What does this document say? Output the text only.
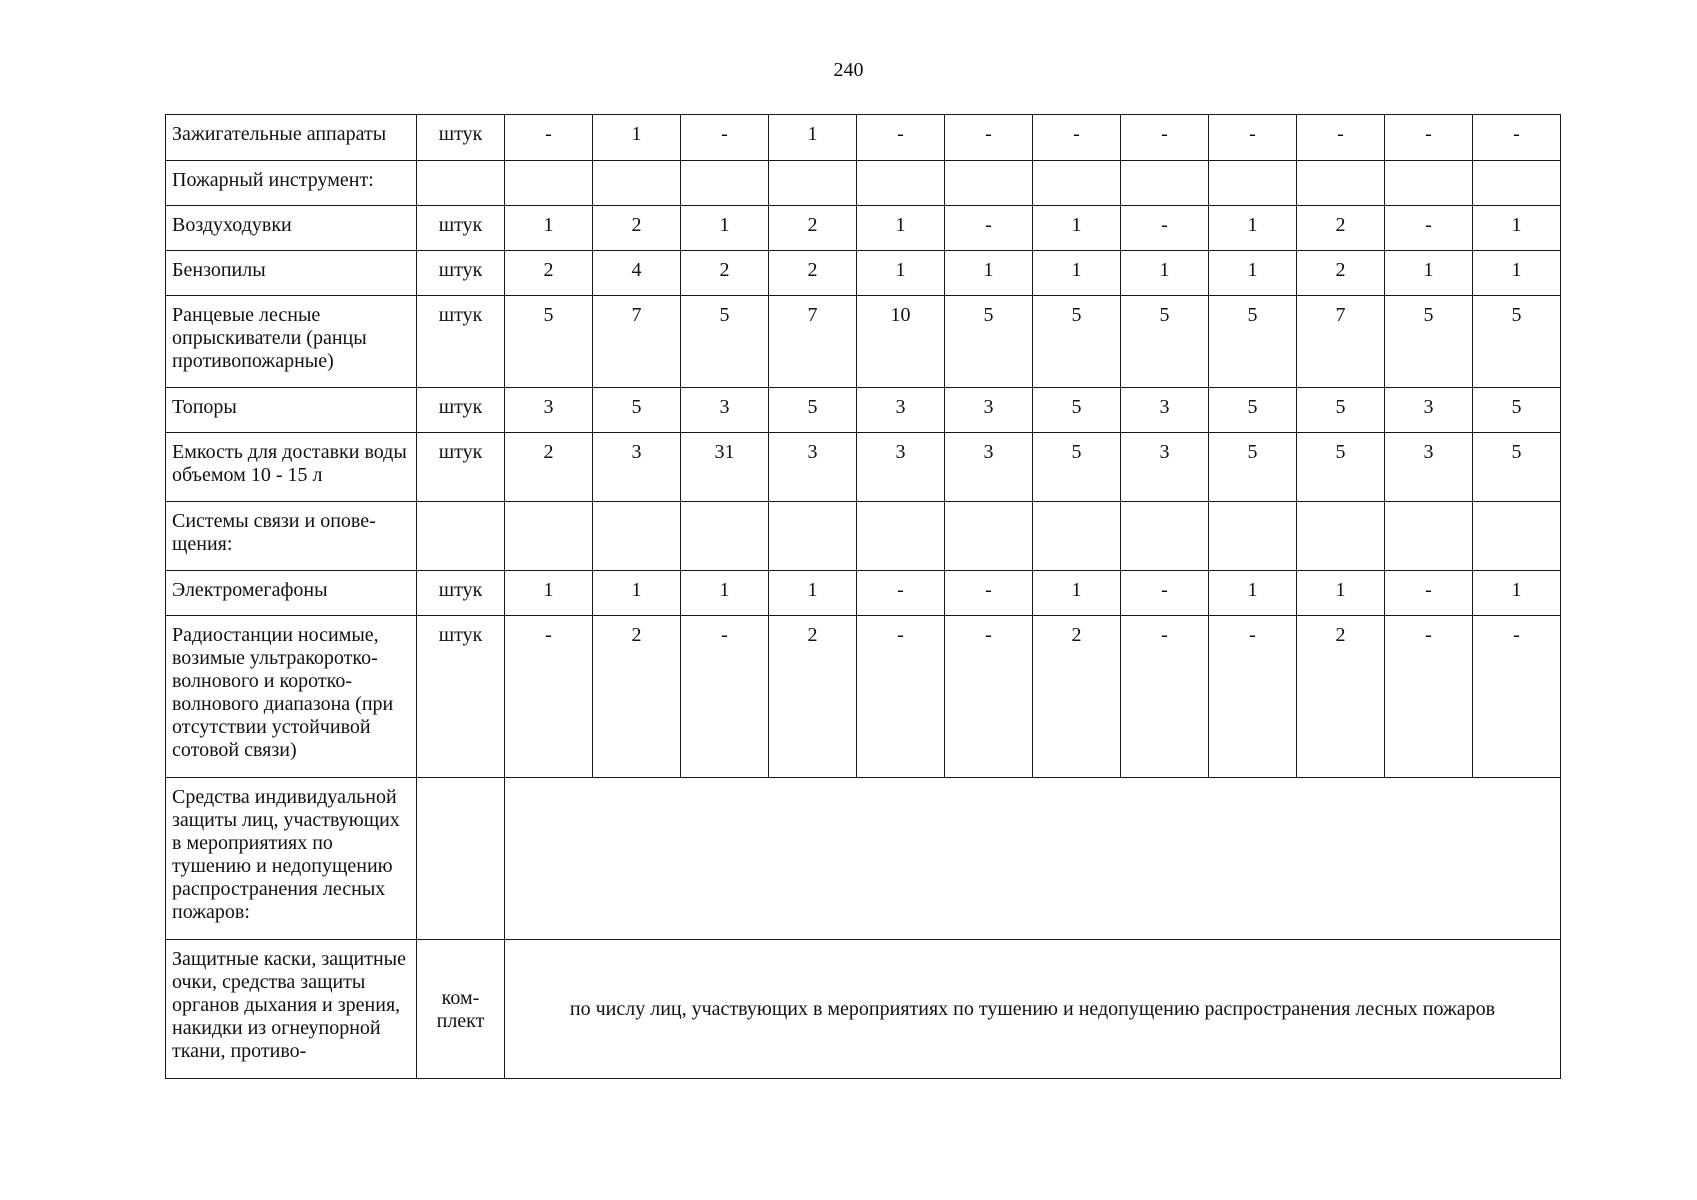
240
Зажигательные аппараты	штук	-	1	-	1	-	-	-	-	-	-	-	-
Пожарный инструмент:													
Воздуходувки	штук	1	2	1	2	1	-	1	-	1	2	-	1
Бензопилы	штук	2	4	2	2	1	1	1	1	1	2	1	1
Ранцевые лесные опрыскиватели (ранцы противопожарные)	штук	5	7	5	7	10	5	5	5	5	7	5	5
Топоры	штук	3	5	3	5	3	3	5	3	5	5	3	5
Емкость для доставки воды объемом 10 - 15 л	штук	2	3	31	3	3	3	5	3	5	5	3	5
Системы связи и оповещения:													
Электромегафоны	штук	1	1	1	1	-	-	1	-	1	1	-	1
Радиостанции носимые, возимые ультракоротковолнового и коротковолнового диапазона (при отсутствии устойчивой сотовой связи)	штук	-	2	-	2	-	-	2	-	-	2	-	-
Средства индивидуальной защиты лиц, участвующих в мероприятиях по тушению и недопущению распространения лесных пожаров:													
Защитные каски, защитные очки, средства защиты органов дыхания и зрения, накидки из огнеупорной ткани, противо-	комплект	по числу лиц, участвующих в мероприятиях по тушению и недопущению распространения лесных пожаров											
